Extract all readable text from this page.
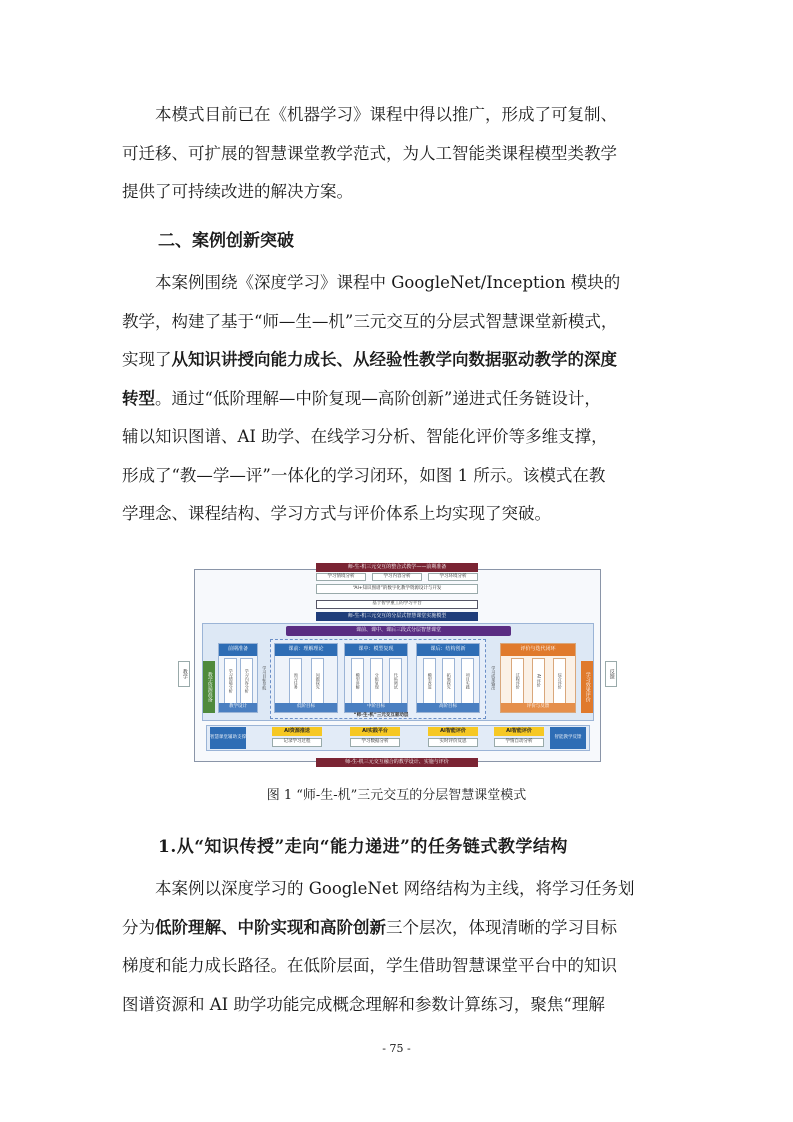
本模式目前已在《机器学习》课程中得以推广，形成了可复制、
可迁移、可扩展的智慧课堂教学范式，为人工智能类课程模型类教学
提供了可持续改进的解决方案。
二、案例创新突破
本案例围绕《深度学习》课程中 GoogleNet/Inception 模块的
教学，构建了基于“师—生—机”三元交互的分层式智慧课堂新模式，
实现了从知识讲授向能力成长、从经验性教学向数据驱动教学的深度
转型。通过“低阶理解—中阶复现—高阶创新”递进式任务链设计，
辅以知识图谱、AI 助学、在线学习分析、智能化评价等多维支撑，
形成了“教—学—评”一体化的学习闭环，如图 1 所示。该模式在教
学理念、课程结构、学习方式与评价体系上均实现了突破。
师-生-机三元交互的整合式教学——前期准备
学习情境分析	学习内容分析	学习环境分析
“AI+知识图谱”的数字化教学资源设计与开发
基于智学重工的学习平台
师-生-机三元交互的分层式智慧课堂实施模型
课前、课中、课后三段式分层智慧课堂
教学	教学资源准备	反馈
学习效果评价
前期准备
学习情境分析	学习内容分析
教学设计
学习目标导航
课前：理解理论
预习任务	问题探究
低阶目标
课中：模型复现
模型讲解	分组复现	代码调试
中阶目标
课后：结构创新
模型改进	拓展探究	项目实践
高阶目标
学习成果输出
评价与迭代闭环
过程评价	AI 评价	综合评价
评价与反馈
“师-生-机”三元交互驱动层
智慧课堂辅助支撑	智能教学反馈
AI资源推送
记录学习过程
AI实践平台
学习数据分析
AI智能评价
实时评价反思
AI智能评价
学情自动分析
师-生-机三元交互融合的教学设计、实施与评价
图 1 “师-生-机”三元交互的分层智慧课堂模式
1.从“知识传授”走向“能力递进”的任务链式教学结构
本案例以深度学习的 GoogleNet 网络结构为主线，将学习任务划
分为低阶理解、中阶实现和高阶创新三个层次，体现清晰的学习目标
梯度和能力成长路径。在低阶层面，学生借助智慧课堂平台中的知识
图谱资源和 AI 助学功能完成概念理解和参数计算练习，聚焦“理解
- 75 -
